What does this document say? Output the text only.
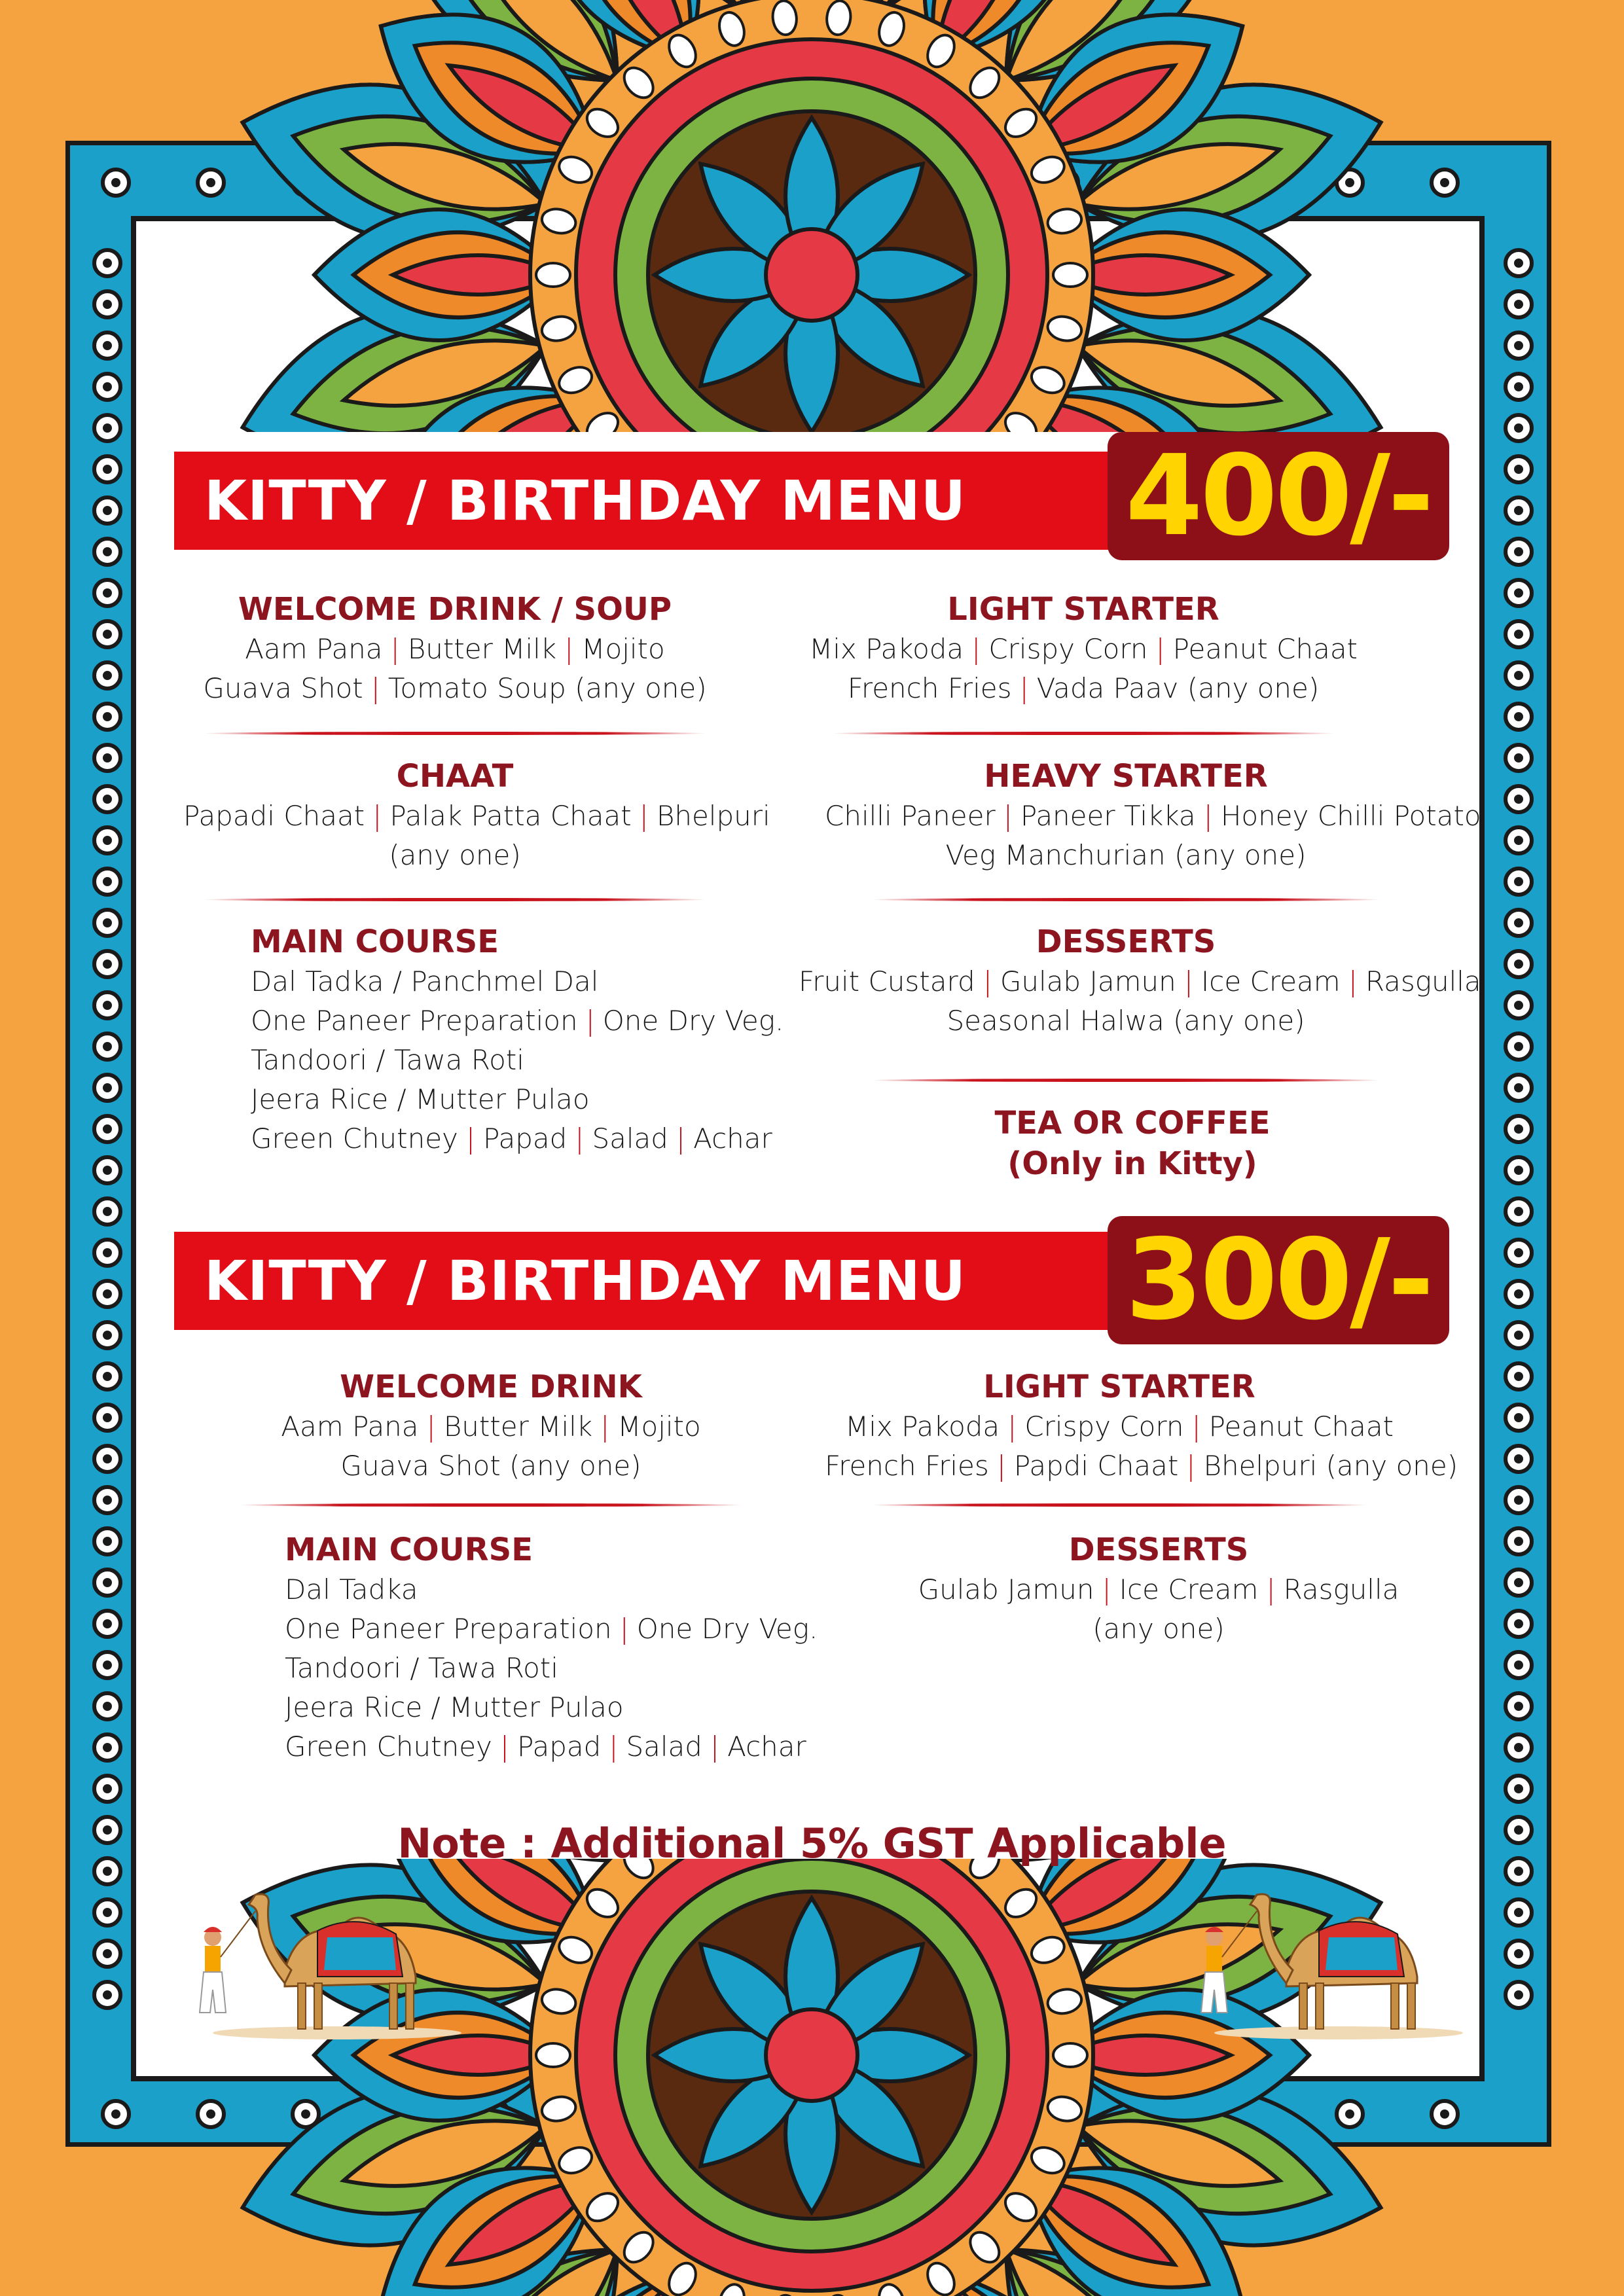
KITTY / BIRTHDAY MENU 400/-
WELCOME DRINK / SOUP
Aam Pana | Butter Milk | Mojito
Guava Shot | Tomato Soup (any one)
CHAAT
Papadi Chaat | Palak Patta Chaat | Bhelpuri
(any one)
MAIN COURSE
Dal Tadka / Panchmel Dal
One Paneer Preparation | One Dry Veg.
Tandoori / Tawa Roti
Jeera Rice / Mutter Pulao
Green Chutney | Papad | Salad | Achar
LIGHT STARTER
Mix Pakoda | Crispy Corn | Peanut Chaat
French Fries | Vada Paav (any one)
HEAVY STARTER
Chilli Paneer | Paneer Tikka | Honey Chilli Potato
Veg Manchurian (any one)
DESSERTS
Fruit Custard | Gulab Jamun | Ice Cream | Rasgulla
Seasonal Halwa (any one)
TEA OR COFFEE
(Only in Kitty)
KITTY / BIRTHDAY MENU 300/-
WELCOME DRINK
Aam Pana | Butter Milk | Mojito
Guava Shot (any one)
MAIN COURSE
Dal Tadka
One Paneer Preparation | One Dry Veg.
Tandoori / Tawa Roti
Jeera Rice / Mutter Pulao
Green Chutney | Papad | Salad | Achar
LIGHT STARTER
Mix Pakoda | Crispy Corn | Peanut Chaat
French Fries | Papdi Chaat | Bhelpuri (any one)
DESSERTS
Gulab Jamun | Ice Cream | Rasgulla
(any one)
Note : Additional 5% GST Applicable
